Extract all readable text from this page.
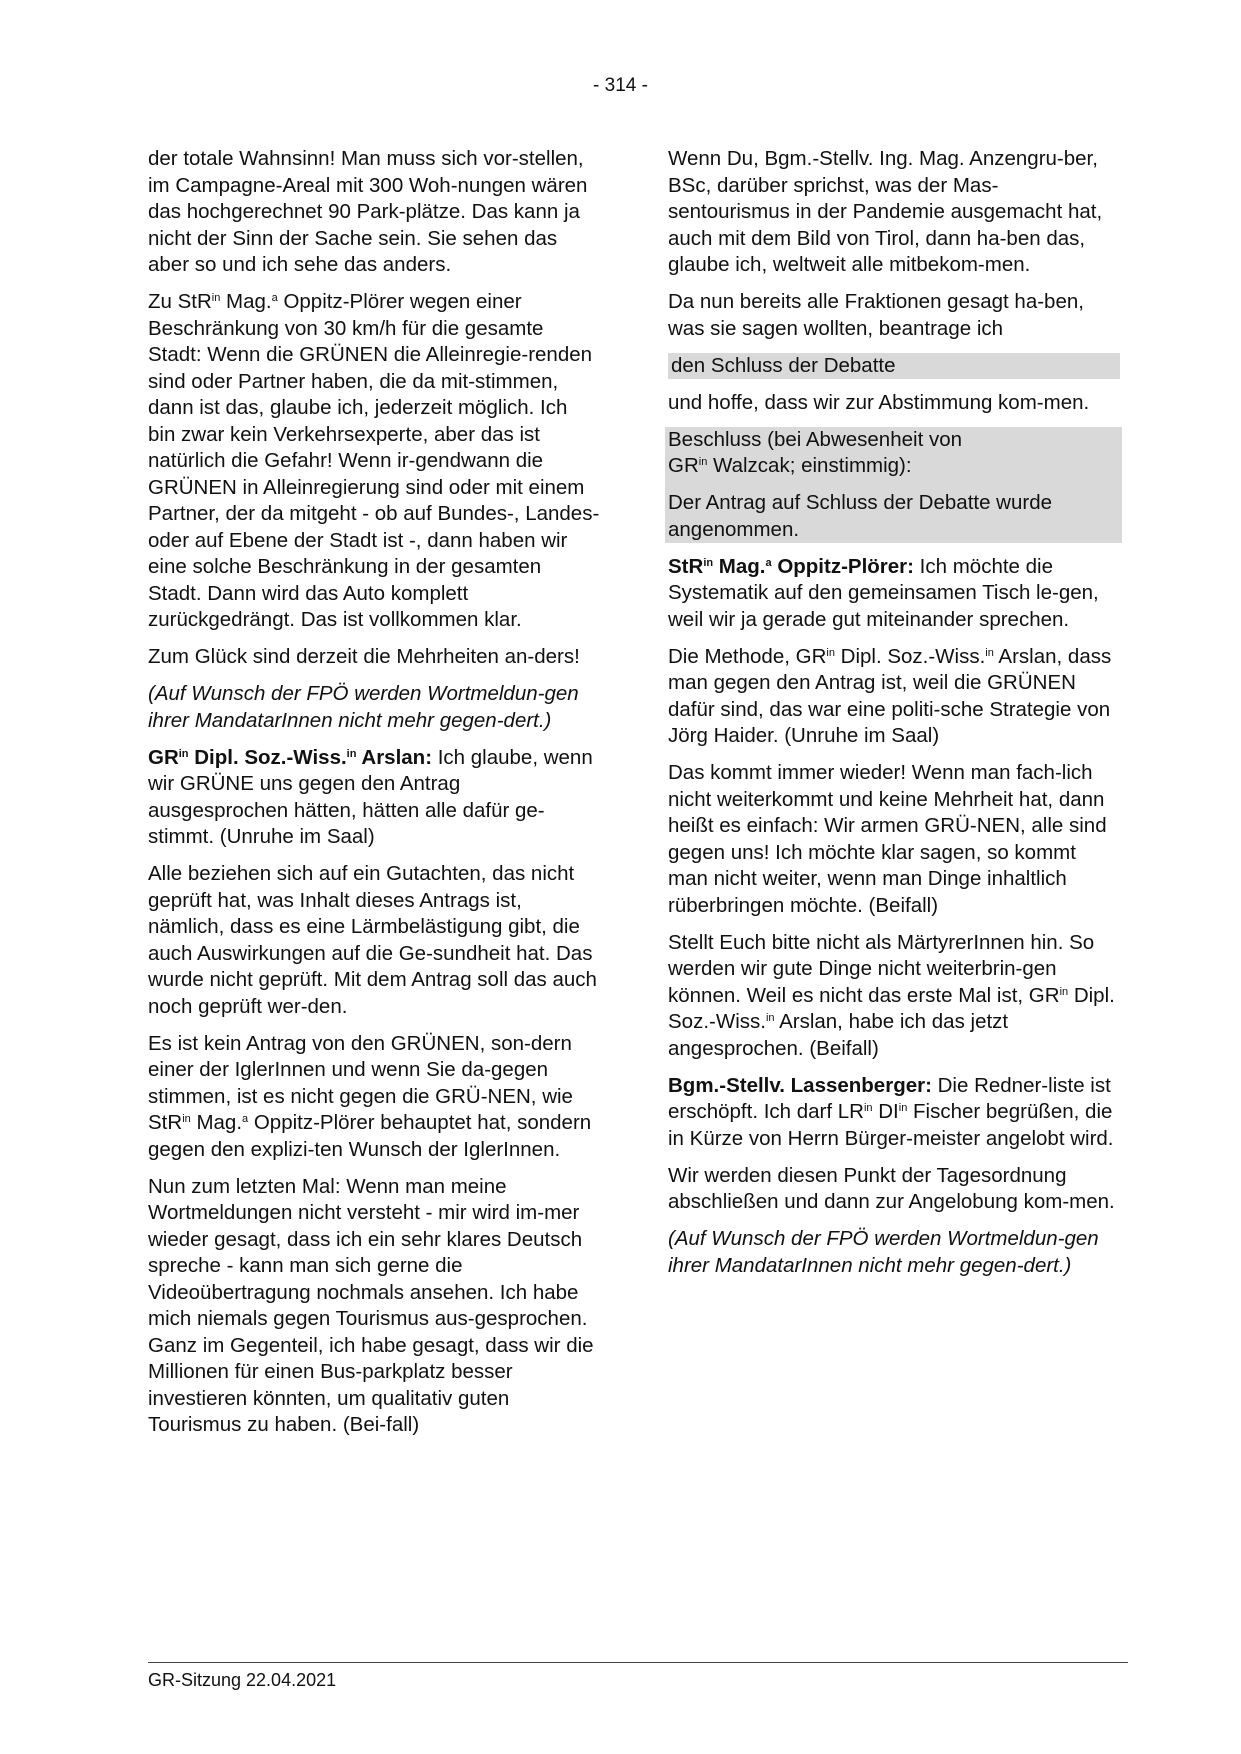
- 314 -

der totale Wahnsinn! Man muss sich vor-stellen, im Campagne-Areal mit 300 Woh-nungen wären das hochgerechnet 90 Park-plätze. Das kann ja nicht der Sinn der Sache sein. Sie sehen das aber so und ich sehe das anders.

Zu StR$^{in}$ Mag.$^a$ Oppitz-Plörer wegen einer Beschränkung von 30 km/h für die gesamte Stadt: Wenn die GRÜNEN die Alleinregie-renden sind oder Partner haben, die da mit-stimmen, dann ist das, glaube ich, jederzeit möglich. Ich bin zwar kein Verkehrsexperte, aber das ist natürlich die Gefahr! Wenn ir-gendwann die GRÜNEN in Alleinregierung sind oder mit einem Partner, der da mitgeht - ob auf Bundes-, Landes- oder auf Ebene der Stadt ist -, dann haben wir eine solche Beschränkung in der gesamten Stadt. Dann wird das Auto komplett zurückgedrängt. Das ist vollkommen klar.

Zum Glück sind derzeit die Mehrheiten an-ders!

(Auf Wunsch der FPÖ werden Wortmeldun-gen ihrer MandatarInnen nicht mehr gegen-dert.)

$GR^{in}$ Dipl. Soz.-Wiss.$^{in}$ Arslan: Ich glaube, wenn wir GRÜNE uns gegen den Antrag ausgesprochen hätten, hätten alle dafür ge-stimmt. (Unruhe im Saal)

Alle beziehen sich auf ein Gutachten, das nicht geprüft hat, was Inhalt dieses Antrags ist, nämlich, dass es eine Lärmbelästigung gibt, die auch Auswirkungen auf die Ge-sundheit hat. Das wurde nicht geprüft. Mit dem Antrag soll das auch noch geprüft wer-den.

Es ist kein Antrag von den GRÜNEN, son-dern einer der IglerInnen und wenn Sie da-gegen stimmen, ist es nicht gegen die GRÜ-NEN, wie StR$^{in}$ Mag.$^a$ Oppitz-Plörer behauptet hat, sondern gegen den explizi-ten Wunsch der IglerInnen.

Nun zum letzten Mal: Wenn man meine Wortmeldungen nicht versteht - mir wird im-mer wieder gesagt, dass ich ein sehr klares Deutsch spreche - kann man sich gerne die Videoübertragung nochmals ansehen. Ich habe mich niemals gegen Tourismus aus-gesprochen. Ganz im Gegenteil, ich habe gesagt, dass wir die Millionen für einen Bus-parkplatz besser investieren könnten, um qualitativ guten Tourismus zu haben. (Bei-fall)

Wenn Du, Bgm.-Stellv. Ing. Mag. Anzengru-ber, BSc, darüber sprichst, was der Mas-sentourismus in der Pandemie ausgemacht hat, auch mit dem Bild von Tirol, dann ha-ben das, glaube ich, weltweit alle mitbekom-men.

Da nun bereits alle Fraktionen gesagt ha-ben, was sie sagen wollten, beantrage ich

den Schluss der Debatte

und hoffe, dass wir zur Abstimmung kom-men.

Beschluss (bei Abwesenheit von
$GR^{in}$ Walzcak; einstimmig):
Der Antrag auf Schluss der Debatte wurde angenommen.

StR$^{in}$ Mag.$^a$ Oppitz-Plörer: Ich möchte die Systematik auf den gemeinsamen Tisch le-gen, weil wir ja gerade gut miteinander sprechen.

Die Methode, $GR^{in}$ Dipl. Soz.-Wiss.$^{in}$ Arslan, dass man gegen den Antrag ist, weil die GRÜNEN dafür sind, das war eine politi-sche Strategie von Jörg Haider. (Unruhe im Saal)

Das kommt immer wieder! Wenn man fach-lich nicht weiterkommt und keine Mehrheit hat, dann heißt es einfach: Wir armen GRÜ-NEN, alle sind gegen uns! Ich möchte klar sagen, so kommt man nicht weiter, wenn man Dinge inhaltlich rüberbringen möchte. (Beifall)

Stellt Euch bitte nicht als MärtyrerInnen hin. So werden wir gute Dinge nicht weiterbrin-gen können. Weil es nicht das erste Mal ist, $GR^{in}$ Dipl. Soz.-Wiss.$^{in}$ Arslan, habe ich das jetzt angesprochen. (Beifall)

Bgm.-Stellv. Lassenberger: Die Redner-liste ist erschöpft. Ich darf $LR^{in}$ $DI^{in}$ Fischer begrüßen, die in Kürze von Herrn Bürger-meister angelobt wird.

Wir werden diesen Punkt der Tagesordnung abschließen und dann zur Angelobung kom-men.

(Auf Wunsch der FPÖ werden Wortmeldun-gen ihrer MandatarInnen nicht mehr gegen-dert.)

GR-Sitzung 22.04.2021
